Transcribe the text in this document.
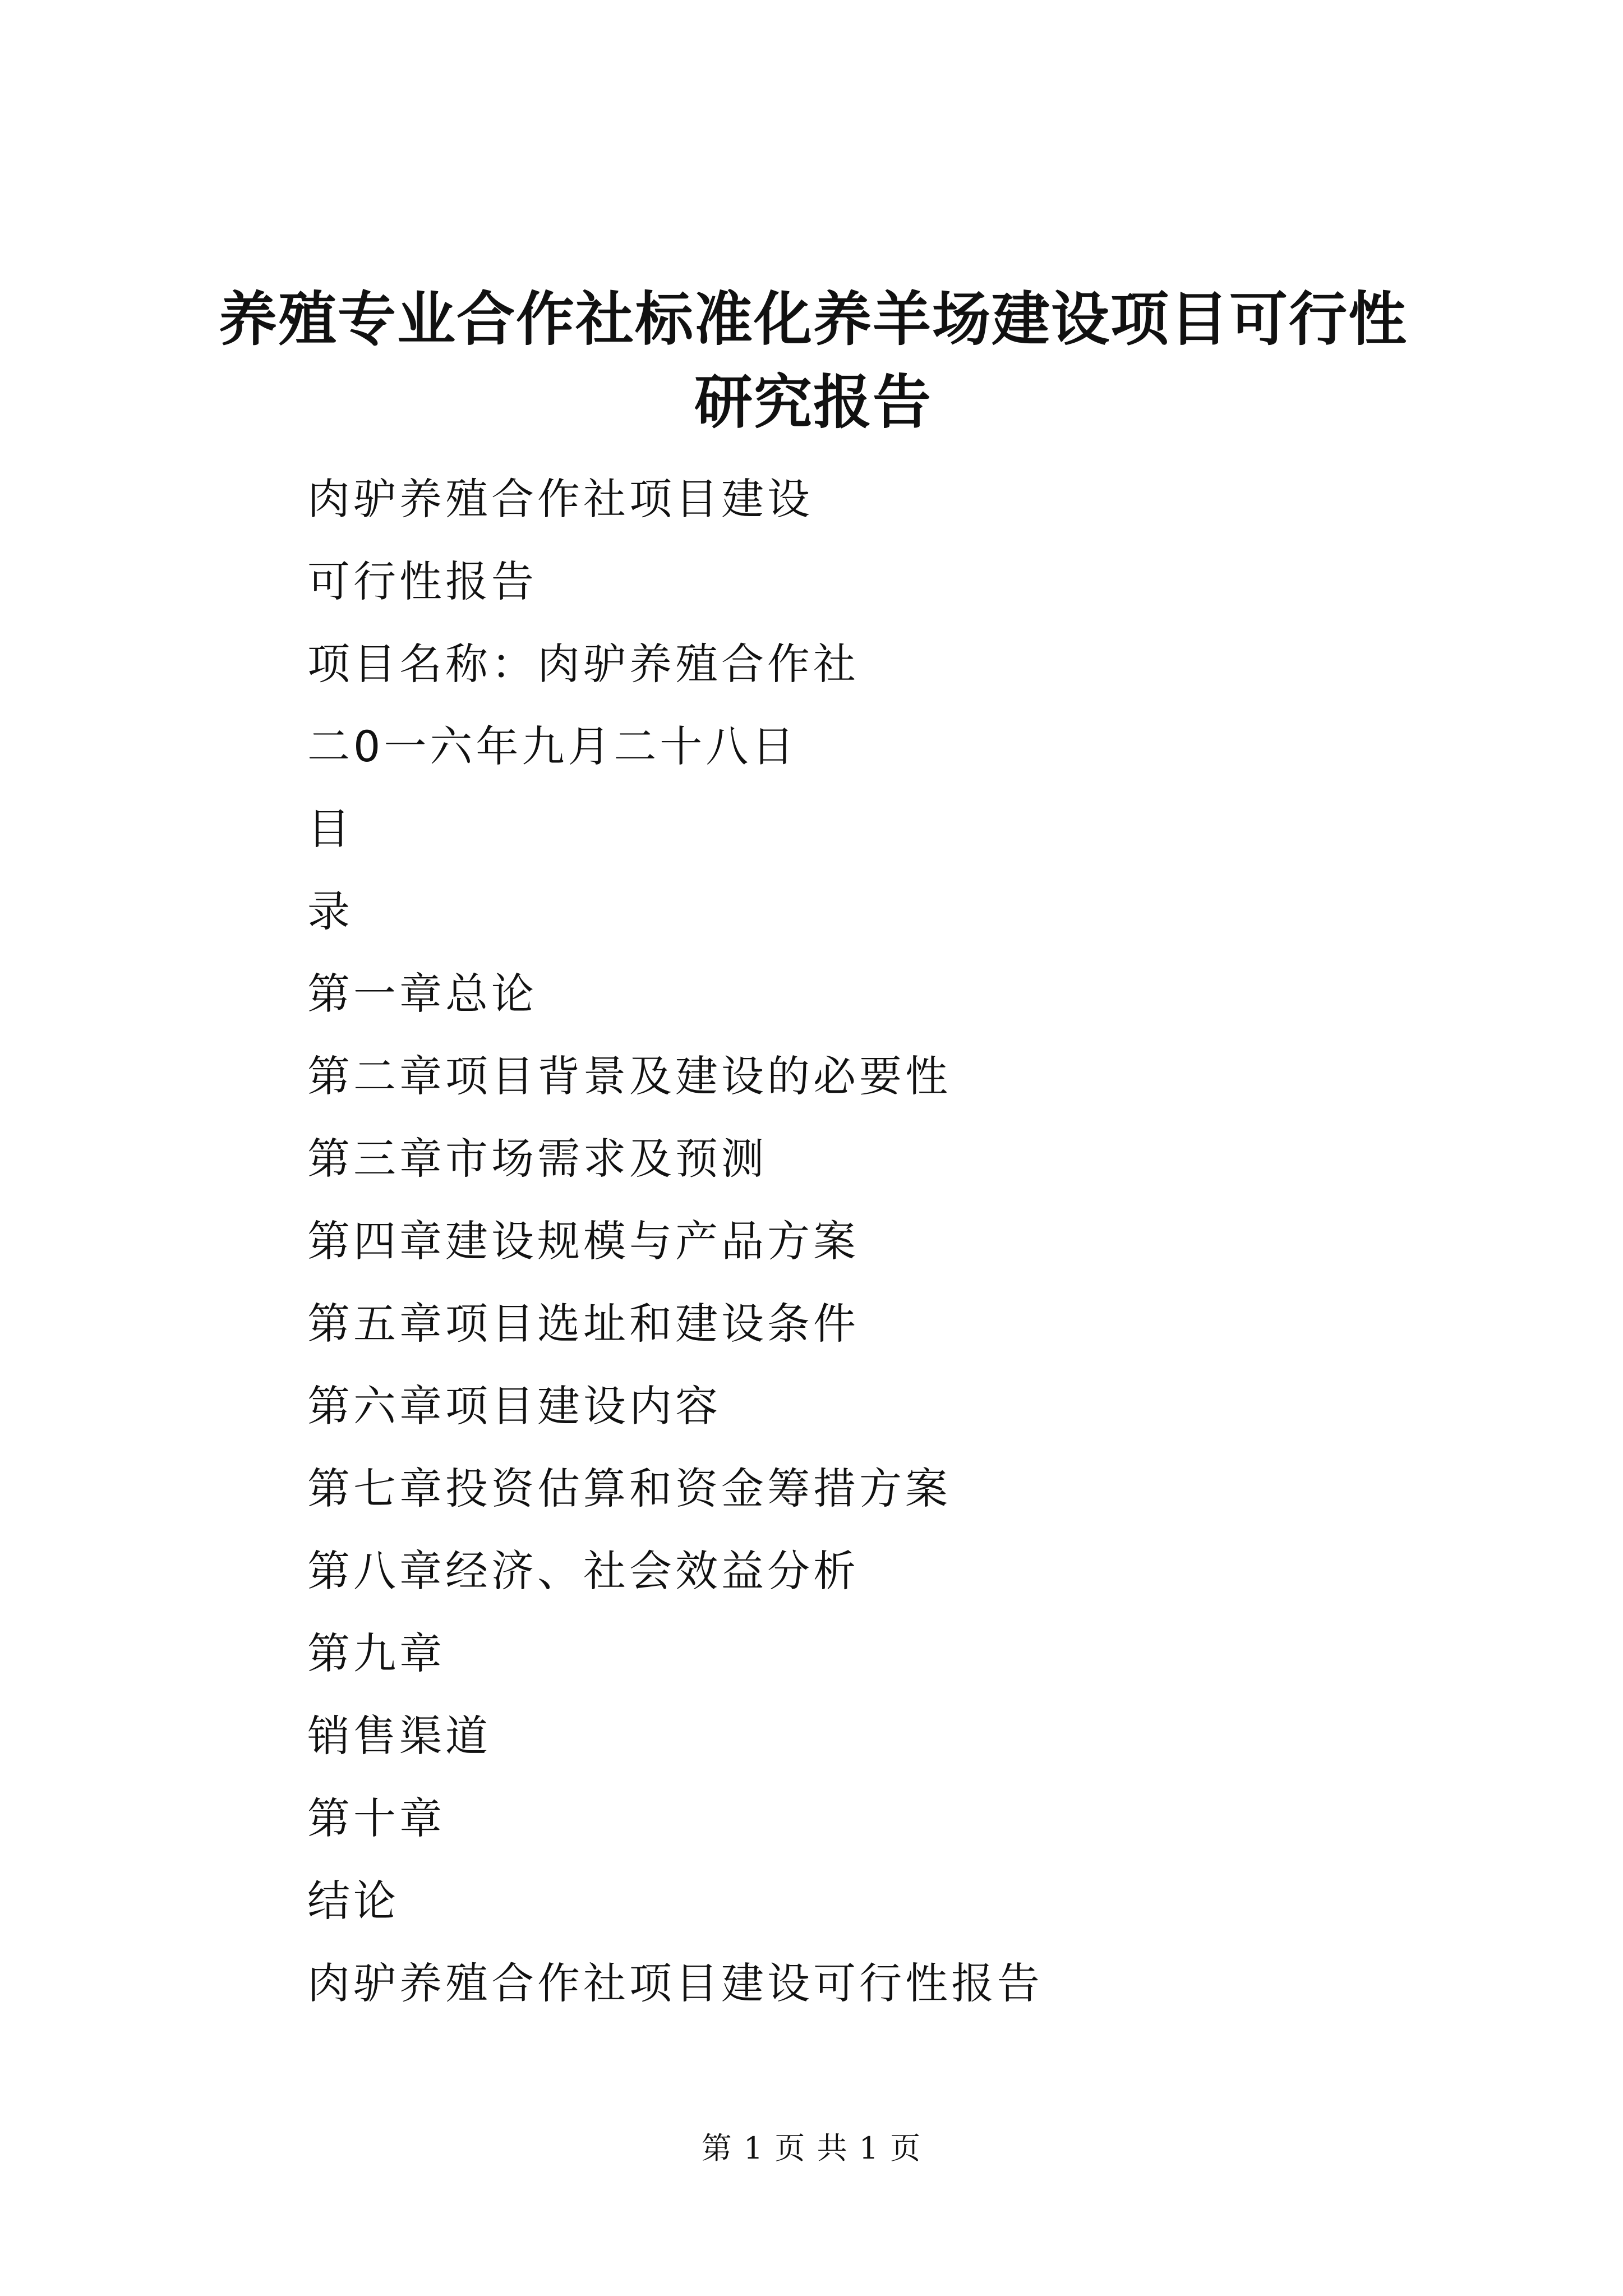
养殖专业合作社标准化养羊场建设项目可行性
研究报告
肉驴养殖合作社项目建设
可行性报告
项目名称：肉驴养殖合作社
二0一六年九月二十八日
目
录
第一章总论
第二章项目背景及建设的必要性
第三章市场需求及预测
第四章建设规模与产品方案
第五章项目选址和建设条件
第六章项目建设内容
第七章投资估算和资金筹措方案
第八章经济、社会效益分析
第九章
销售渠道
第十章
结论
肉驴养殖合作社项目建设可行性报告
第 1 页 共 1 页
